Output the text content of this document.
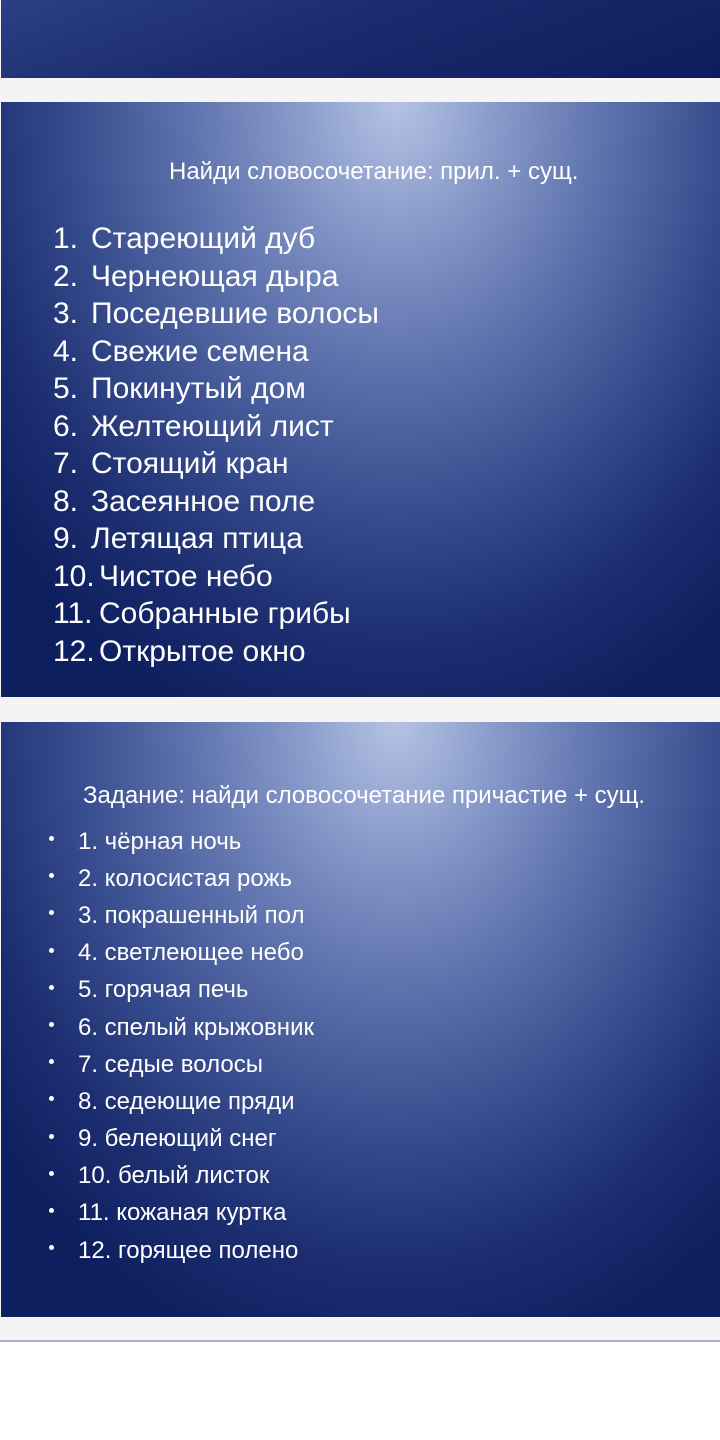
Найди словосочетание: прил. + сущ.
1. Стареющий дуб
2. Чернеющая дыра
3. Поседевшие волосы
4. Свежие семена
5. Покинутый дом
6. Желтеющий лист
7. Стоящий кран
8. Засеянное поле
9. Летящая птица
10. Чистое небо
11. Собранные грибы
12. Открытое окно
Задание: найди словосочетание причастие + сущ.
1. чёрная ночь
2. колосистая рожь
3. покрашенный пол
4. светлеющее небо
5. горячая печь
6. спелый крыжовник
7. седые волосы
8. седеющие пряди
9. белеющий снег
10. белый листок
11. кожаная куртка
12. горящее полено
